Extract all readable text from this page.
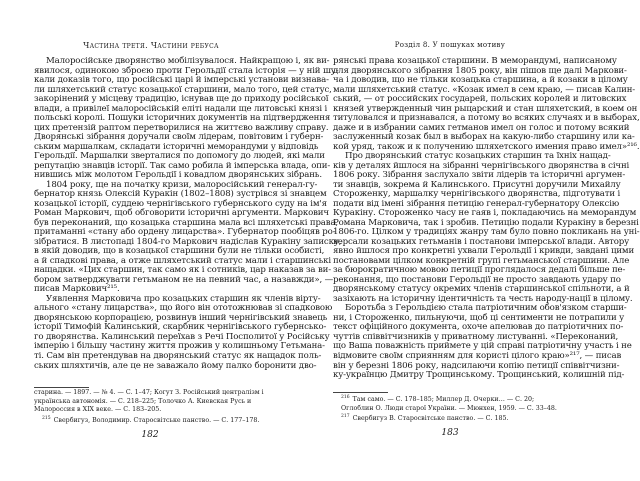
Частина третя. Частини ребуса
Малоросійське дворянство мобілізувалося. Найкращою і, як ви-
явилося, одинокою зброєю проти Герольдії стала історія — у ній шу-
кали доказів того, що російські царі й імперські установи визнава-
ли шляхетський статус козацької старшини, мало того, цей статус,
закорінений у місцеву традицію, існував ще до приходу російської
влади, а привілеї малоросійській еліті надали ще литовські князі і
польські королі. Пошуки історичних документів на підтвердження
цих претензій раптом перетворилися на життєво важливу справу.
Дворянські зібрання доручали своїм лідерам, повітовим і губерн-
ським маршалкам, складати історичні меморандуми у відповідь
Герольдії. Маршалки зверталися по допомогу до людей, які мали
репутацію знавців історії. Так само робила й імперська влада, опи-
нившись між молотом Герольдії і ковадлом дворянських зібрань.
1804 року, ще на початку кризи, малоросійський генерал-гу-
бернатор князь Олексій Куракін (1802–1808) зустрівся зі знавцем
козацької історії, суддею чернігівського губернського суду на ім'я
Роман Маркович, щоб обговорити історичні аргументи. Маркович
був переконаний, що козацька старшина мала всі шляхетські права,
притаманні «стану або ордену лицарства». Губернатор пообіцяв ро-
зібратися. В листопаді 1804-го Маркович надіслав Куракіну записку,
в якій доводив, що в козацької старшини були не тільки особисті,
а й спадкові права, а отже шляхетський статус мали і старшинські
нащадки. «Цих старшин, так само як і сотників, цар наказав за ви-
бором затверджувати гетьманом не на певний час, а назавжди», —
писав Маркович²¹⁵.
Уявлення Марковича про козацьких старшин як членів вірту-
ального «стану лицарства», що його він ототожнював зі спадковою
дворянською корпорацією, розвинув інший чернігівський знавець
історії Тимофій Калинський, скарбник чернігівського губернсько-
го дворянства. Калинський переїхав з Речі Посполитої у Російську
імперію і більшу частину життя прожив у колишньому Гетьмана-
ті. Сам він претендував на дворянський статус як нащадок поль-
ських шляхтичів, але це не заважало йому палко боронити дво-
старина. — 1897. — № 4. — С. 1–47; Когут З. Російський централізм і українська автономія. — С. 218–225; Толочко А. Киевская Русь и Малороссия в XIX веке. — С. 183–205.
$^{215}$ Свербигуз, Володимир. Старосвітське панство. — С. 177–178.
182
Розділ 8. У пошуках мотиву
рянські права козацької старшини. В меморандумі, написаному
для дворянського зібрання 1805 року, він пішов ще далі Маркови-
ча і доводив, що не тільки козацька старшина, а й козаки в цілому
мали шляхетський статус. «Козак имел в сем краю, — писав Калин-
ський, — от российских государей, польских королей и литовских
князей утвержденный чин рыцарский и стан шляхетский, в коем он
титуловался и признавался, а потому во всяких случаях и в выборах,
даже и в избрании самих гетманов имел он голос и потому всякий
заслуженный козак был в выборах на какую-либо старшину или ка-
кой уряд, також и к получению шляхетского имения право имел»²¹⁶.
Про дворянський статус козацьких старшин та їхніх нащад-
ків у деталях йшлося на зібранні чернігівського дворянства в січні
1806 року. Зібрання заслухало звіти лідерів та історичні аргумен-
ти знавців, зокрема й Калинського. Присутні доручили Михайлу
Стороженку, маршалку чернігівського дворянства, підготувати і
подати від імені зібрання петицію генерал-губернатору Олексію
Куракіну. Стороженко часу не гаяв і, покладаючись на меморандум
Романа Марковича, так і зробив. Петицію подали Куракіну в березні
1806-го. Цілком у традиціях жанру там було повно покликань на уні-
версали козацьких гетьманів і постанови імперської влади. Автору
явно йшлося про конкретні ухвали Герольдії і кривди, завдані цими
постановами цілком конкретній групі гетьманської старшини. Але
за бюрократичною мовою петиції проглядалося дедалі більше пе-
реконання, що постанови Герольдії не просто завдають удару по
дворянському статусу окремих членів старшинської спільноти, а й
зазіхають на історичну ідентичність та честь народу-нації в цілому.
Боротьба з Герольдією стала патріотичним обов'язком старши-
ни, і Стороженко, пильнуючи, щоб ці сентименти не потрапили у
текст офіційного документа, охоче апелював до патріотичних по-
чуттів співвітчизників у приватному листуванні. «Переконаний,
що Ваша поважність приймете у цій справі патріотичну участь і не
відмовите своїм сприянням для користі цілого краю»²¹⁷, — писав
він у березні 1806 року, надсилаючи копію петиції співвітчизни-
ку-українцю Дмитру Трощинському. Трощинський, колишній під-
$^{216}$ Там само. — С. 178–185; Миллер Д. Очерки… — С. 20; Оглоблин О. Люди старої України. — Мюнхен, 1959. — С. 33–48.
$^{217}$ Свербигуз В. Старосвітське панство. — С. 185.
183
